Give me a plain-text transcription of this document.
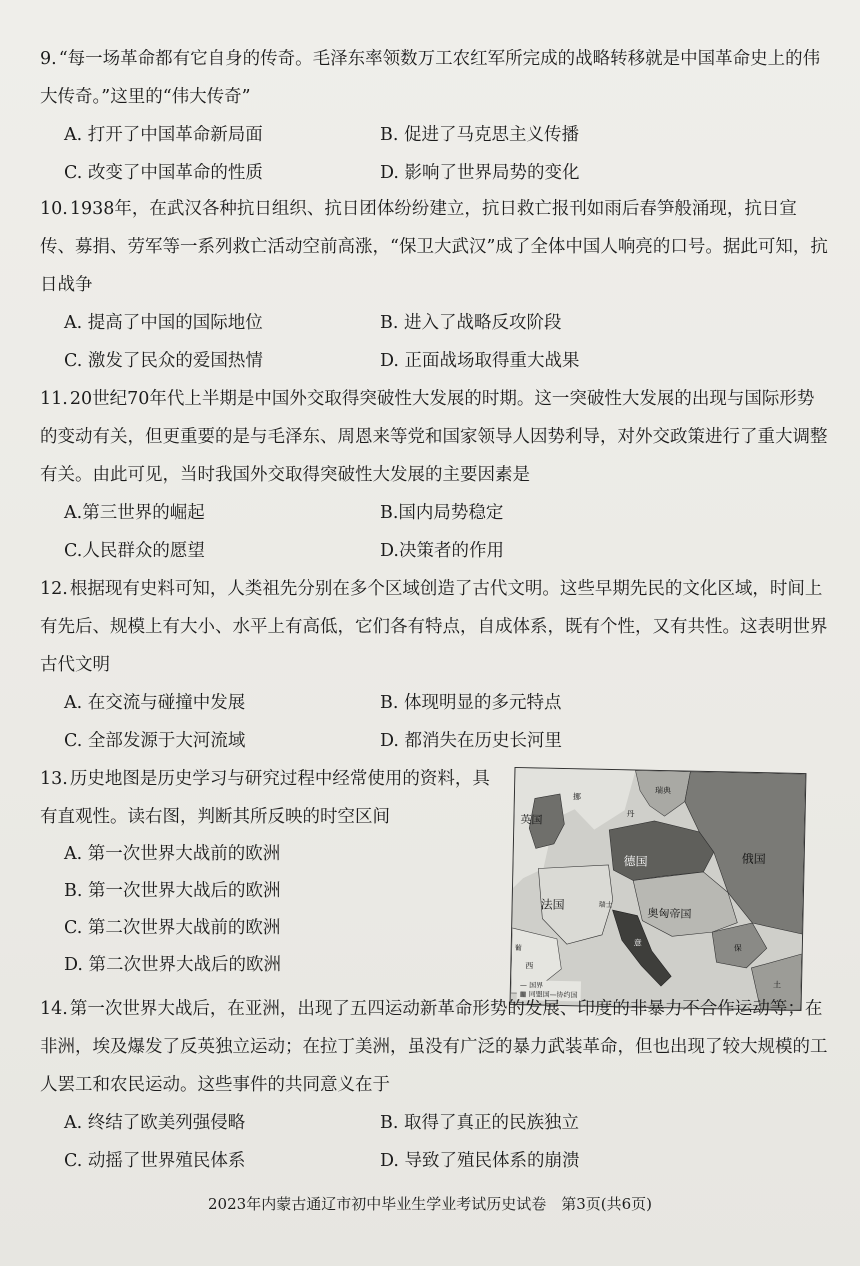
9. “每一场革命都有它自身的传奇。毛泽东率领数万工农红军所完成的战略转移就是中国革命史上的伟大传奇。”这里的“伟大传奇”

A. 打开了中国革命新局面	B. 促进了马克思主义传播
C. 改变了中国革命的性质	D. 影响了世界局势的变化

10. 1938年，在武汉各种抗日组织、抗日团体纷纷建立，抗日救亡报刊如雨后春笋般涌现，抗日宣传、募捐、劳军等一系列救亡活动空前高涨，“保卫大武汉”成了全体中国人响亮的口号。据此可知，抗日战争

A. 提高了中国的国际地位	B. 进入了战略反攻阶段
C. 激发了民众的爱国热情	D. 正面战场取得重大战果

11. 20世纪70年代上半期是中国外交取得突破性大发展的时期。这一突破性大发展的出现与国际形势的变动有关，但更重要的是与毛泽东、周恩来等党和国家领导人因势利导，对外交政策进行了重大调整有关。由此可见，当时我国外交取得突破性大发展的主要因素是

A.第三世界的崛起	B.国内局势稳定
C.人民群众的愿望	D.决策者的作用

12. 根据现有史料可知，人类祖先分别在多个区域创造了古代文明。这些早期先民的文化区域，时间上有先后、规模上有大小、水平上有高低，它们各有特点，自成体系，既有个性，又有共性。这表明世界古代文明

A. 在交流与碰撞中发展	B. 体现明显的多元特点
C. 全部发源于大河流域	D. 都消失在历史长河里

13. 历史地图是历史学习与研究过程中经常使用的资料，具有直观性。读右图，判断其所反映的时空区间

A. 第一次世界大战前的欧洲
B. 第一次世界大战后的欧洲
C. 第二次世界大战前的欧洲
D. 第二次世界大战后的欧洲
英国
瑞典
挪
丹
德国	俄国
法国	瑞士
奥匈帝国
意
西
葡	保
土
— 国界
▦ 同盟国—协约国

14. 第一次世界大战后，在亚洲，出现了五四运动新革命形势的发展、印度的非暴力不合作运动等；在非洲，埃及爆发了反英独立运动；在拉丁美洲，虽没有广泛的暴力武装革命，但也出现了较大规模的工人罢工和农民运动。这些事件的共同意义在于

A. 终结了欧美列强侵略	B. 取得了真正的民族独立
C. 动摇了世界殖民体系	D. 导致了殖民体系的崩溃
2023年内蒙古通辽市初中毕业生学业考试历史试卷　第3页(共6页)
